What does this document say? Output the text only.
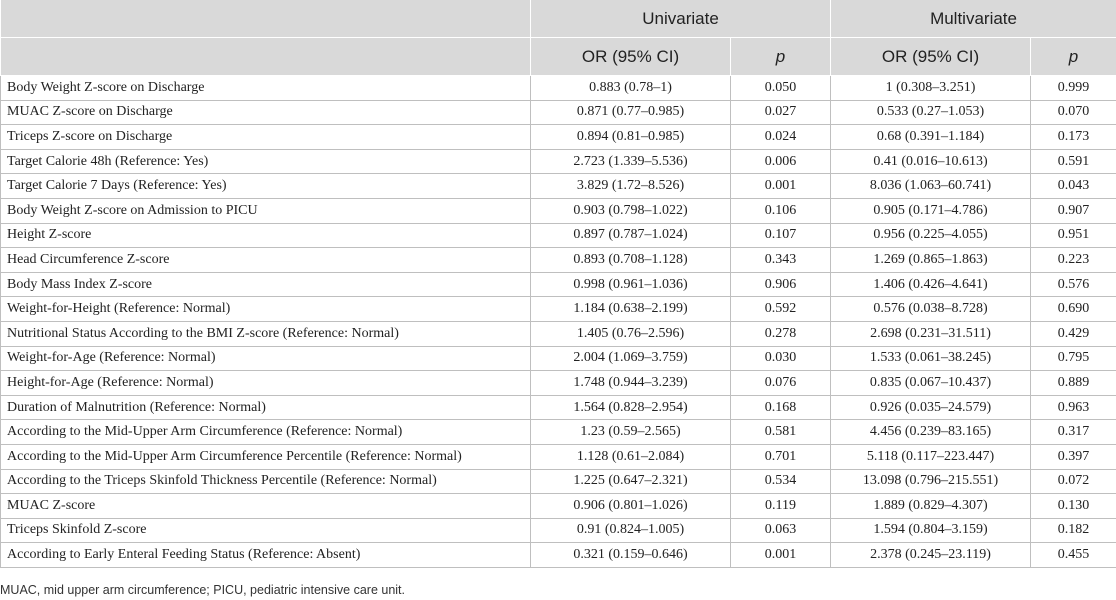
	Univariate		Multivariate	
	OR (95% CI)	p	OR (95% CI)	p
Body Weight Z-score on Discharge	0.883 (0.78–1)	0.050	1 (0.308–3.251)	0.999
MUAC Z-score on Discharge	0.871 (0.77–0.985)	0.027	0.533 (0.27–1.053)	0.070
Triceps Z-score on Discharge	0.894 (0.81–0.985)	0.024	0.68 (0.391–1.184)	0.173
Target Calorie 48h (Reference: Yes)	2.723 (1.339–5.536)	0.006	0.41 (0.016–10.613)	0.591
Target Calorie 7 Days (Reference: Yes)	3.829 (1.72–8.526)	0.001	8.036 (1.063–60.741)	0.043
Body Weight Z-score on Admission to PICU	0.903 (0.798–1.022)	0.106	0.905 (0.171–4.786)	0.907
Height Z-score	0.897 (0.787–1.024)	0.107	0.956 (0.225–4.055)	0.951
Head Circumference Z-score	0.893 (0.708–1.128)	0.343	1.269 (0.865–1.863)	0.223
Body Mass Index Z-score	0.998 (0.961–1.036)	0.906	1.406 (0.426–4.641)	0.576
Weight-for-Height (Reference: Normal)	1.184 (0.638–2.199)	0.592	0.576 (0.038–8.728)	0.690
Nutritional Status According to the BMI Z-score (Reference: Normal)	1.405 (0.76–2.596)	0.278	2.698 (0.231–31.511)	0.429
Weight-for-Age (Reference: Normal)	2.004 (1.069–3.759)	0.030	1.533 (0.061–38.245)	0.795
Height-for-Age (Reference: Normal)	1.748 (0.944–3.239)	0.076	0.835 (0.067–10.437)	0.889
Duration of Malnutrition (Reference: Normal)	1.564 (0.828–2.954)	0.168	0.926 (0.035–24.579)	0.963
According to the Mid-Upper Arm Circumference (Reference: Normal)	1.23 (0.59–2.565)	0.581	4.456 (0.239–83.165)	0.317
According to the Mid-Upper Arm Circumference Percentile (Reference: Normal)	1.128 (0.61–2.084)	0.701	5.118 (0.117–223.447)	0.397
According to the Triceps Skinfold Thickness Percentile (Reference: Normal)	1.225 (0.647–2.321)	0.534	13.098 (0.796–215.551)	0.072
MUAC Z-score	0.906 (0.801–1.026)	0.119	1.889 (0.829–4.307)	0.130
Triceps Skinfold Z-score	0.91 (0.824–1.005)	0.063	1.594 (0.804–3.159)	0.182
According to Early Enteral Feeding Status (Reference: Absent)	0.321 (0.159–0.646)	0.001	2.378 (0.245–23.119)	0.455
MUAC, mid upper arm circumference; PICU, pediatric intensive care unit.
